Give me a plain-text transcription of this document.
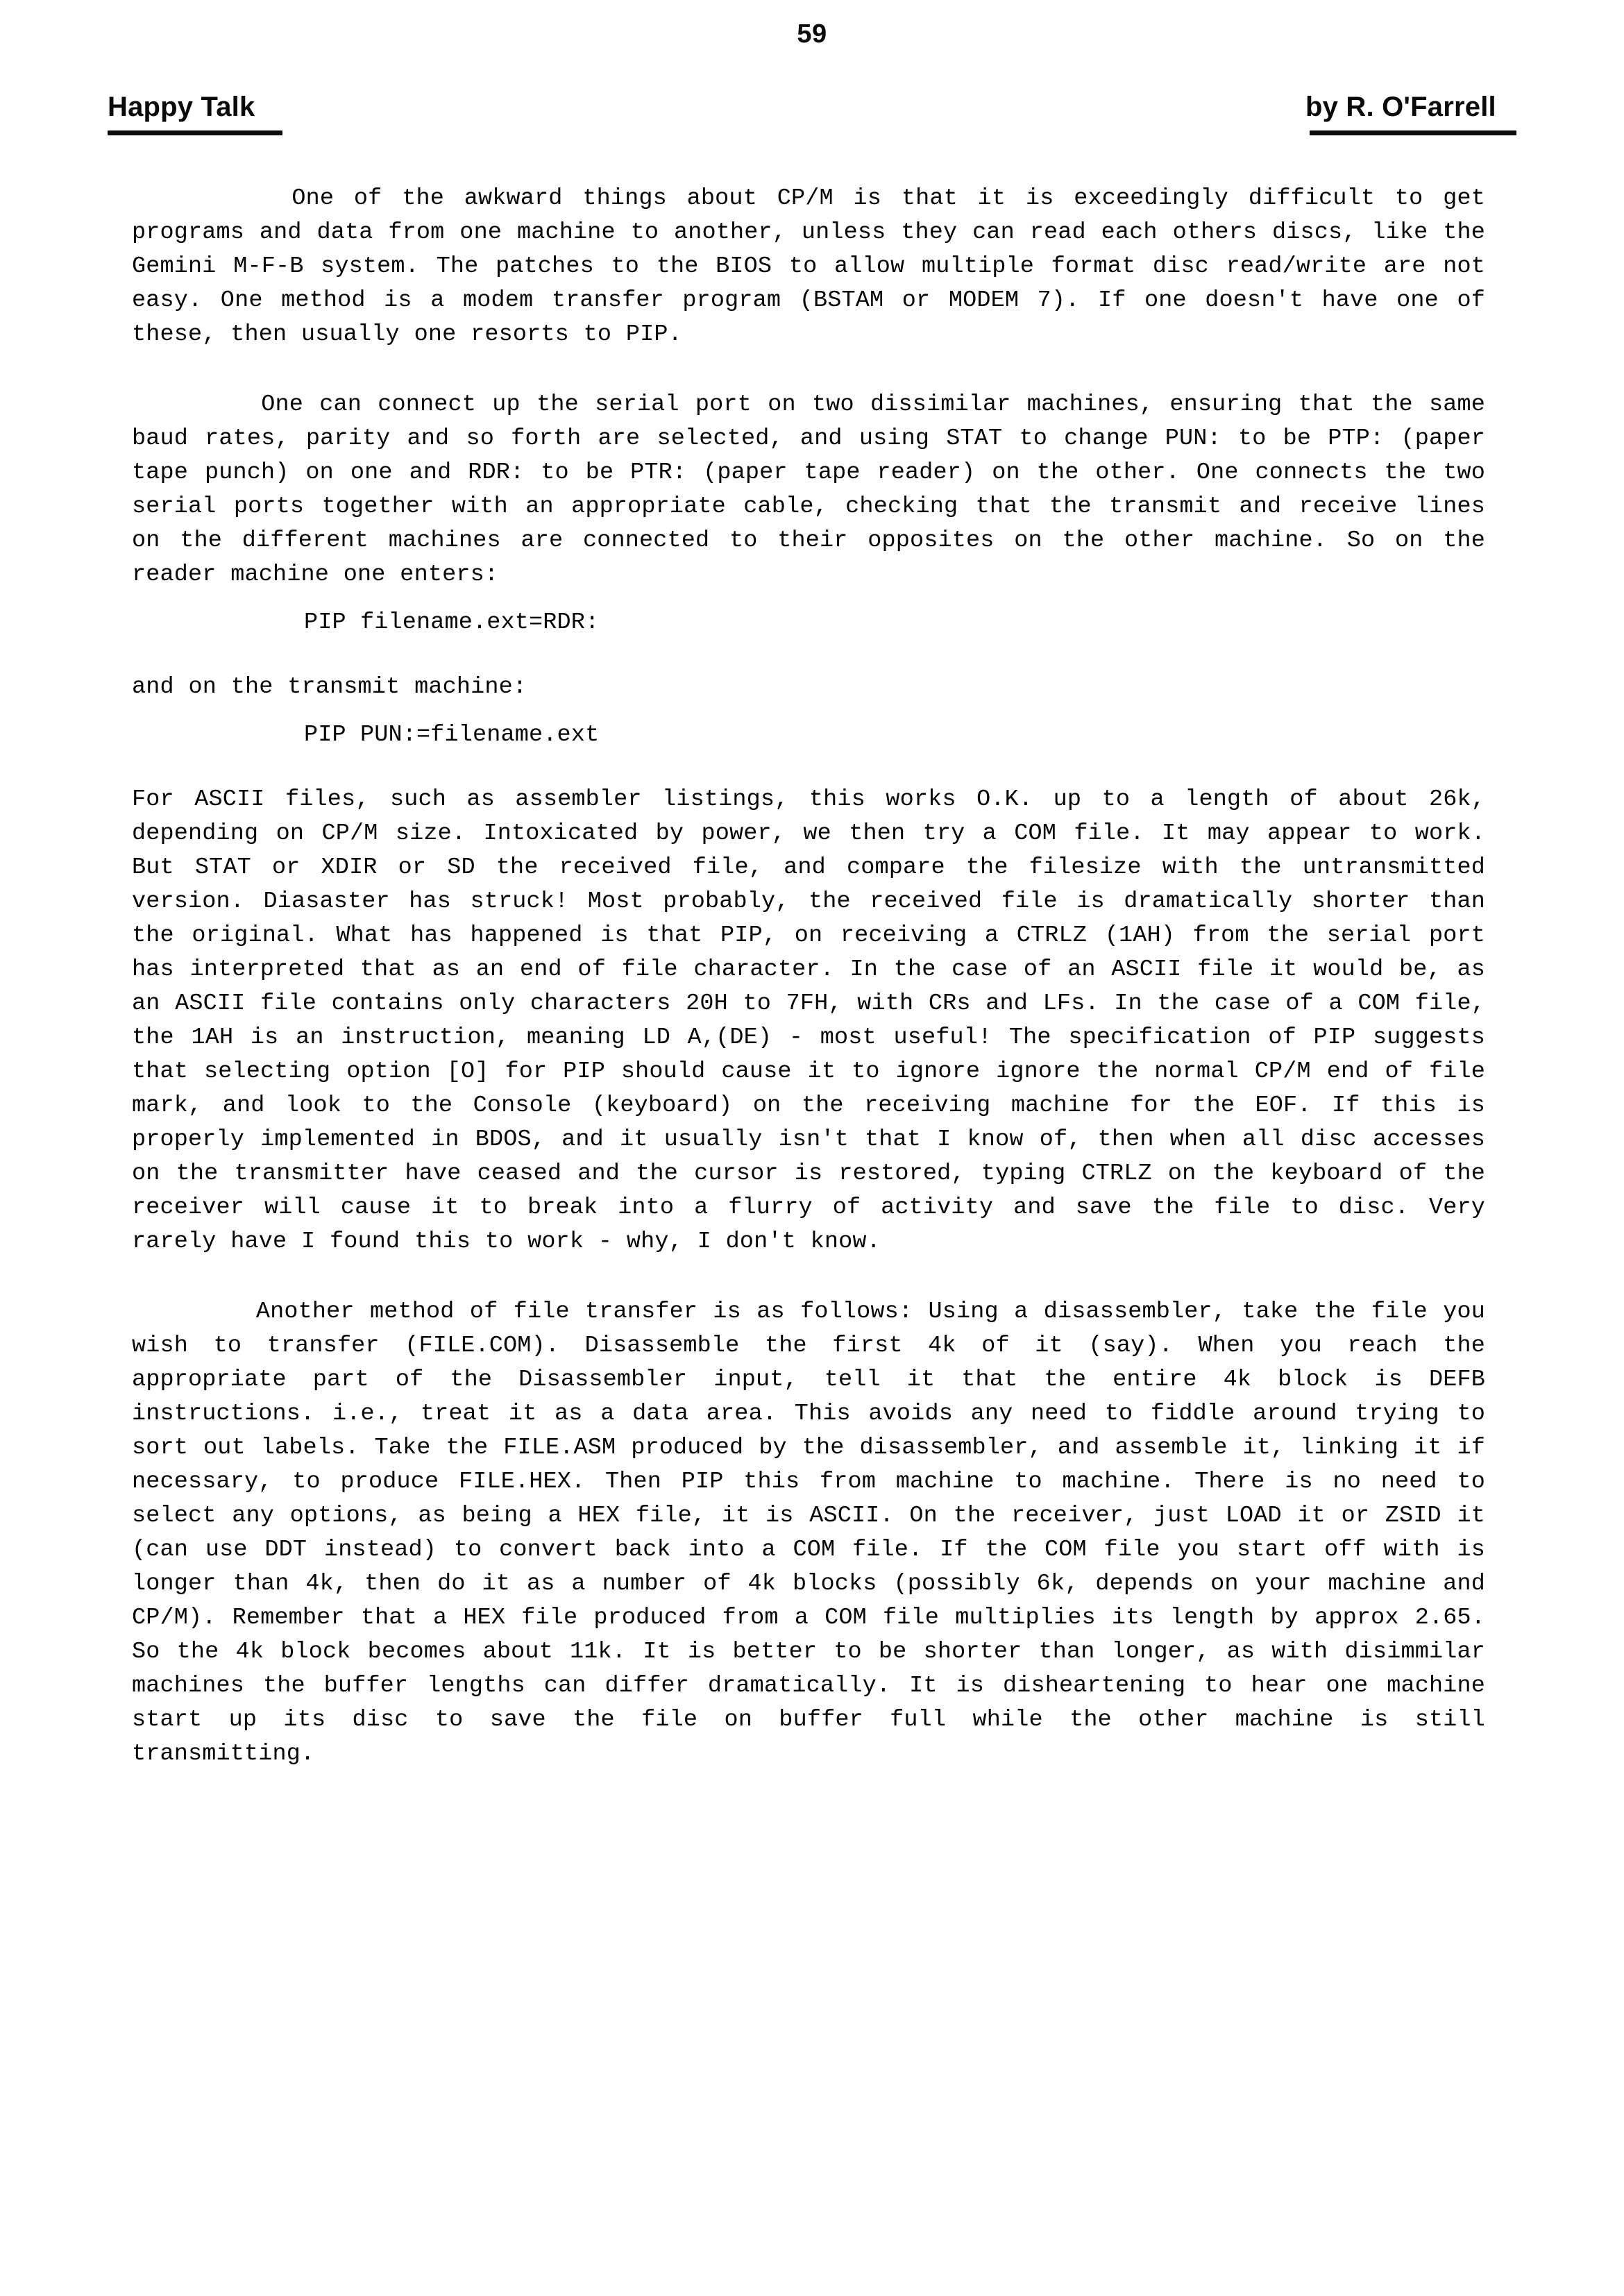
59
Happy Talk	by R. O'Farrell

One of the awkward things about CP/M is that it is exceedingly difficult to get programs and data from one machine to another, unless they can read each others discs, like the Gemini M-F-B system. The patches to the BIOS to allow multiple format disc read/write are not easy. One method is a modem transfer program (BSTAM or MODEM 7). If one doesn't have one of these, then usually one resorts to PIP.

One can connect up the serial port on two dissimilar machines, ensuring that the same baud rates, parity and so forth are selected, and using STAT to change PUN: to be PTP: (paper tape punch) on one and RDR: to be PTR: (paper tape reader) on the other. One connects the two serial ports together with an appropriate cable, checking that the transmit and receive lines on the different machines are connected to their opposites on the other machine. So on the reader machine one enters:

PIP filename.ext=RDR:

and on the transmit machine:

PIP PUN:=filename.ext

For ASCII files, such as assembler listings, this works O.K. up to a length of about 26k, depending on CP/M size. Intoxicated by power, we then try a COM file. It may appear to work. But STAT or XDIR or SD the received file, and compare the filesize with the untransmitted version. Diasaster has struck! Most probably, the received file is dramatically shorter than the original. What has happened is that PIP, on receiving a CTRLZ (1AH) from the serial port has interpreted that as an end of file character. In the case of an ASCII file it would be, as an ASCII file contains only characters 20H to 7FH, with CRs and LFs. In the case of a COM file, the 1AH is an instruction, meaning LD A,(DE) - most useful! The specification of PIP suggests that selecting option [O] for PIP should cause it to ignore ignore the normal CP/M end of file mark, and look to the Console (keyboard) on the receiving machine for the EOF. If this is properly implemented in BDOS, and it usually isn't that I know of, then when all disc accesses on the transmitter have ceased and the cursor is restored, typing CTRLZ on the keyboard of the receiver will cause it to break into a flurry of activity and save the file to disc. Very rarely have I found this to work - why, I don't know.

Another method of file transfer is as follows: Using a disassembler, take the file you wish to transfer (FILE.COM). Disassemble the first 4k of it (say). When you reach the appropriate part of the Disassembler input, tell it that the entire 4k block is DEFB instructions. i.e., treat it as a data area. This avoids any need to fiddle around trying to sort out labels. Take the FILE.ASM produced by the disassembler, and assemble it, linking it if necessary, to produce FILE.HEX. Then PIP this from machine to machine. There is no need to select any options, as being a HEX file, it is ASCII. On the receiver, just LOAD it or ZSID it (can use DDT instead) to convert back into a COM file. If the COM file you start off with is longer than 4k, then do it as a number of 4k blocks (possibly 6k, depends on your machine and CP/M). Remember that a HEX file produced from a COM file multiplies its length by approx 2.65. So the 4k block becomes about 11k. It is better to be shorter than longer, as with disimmilar machines the buffer lengths can differ dramatically. It is disheartening to hear one machine start up its disc to save the file on buffer full while the other machine is still transmitting.
